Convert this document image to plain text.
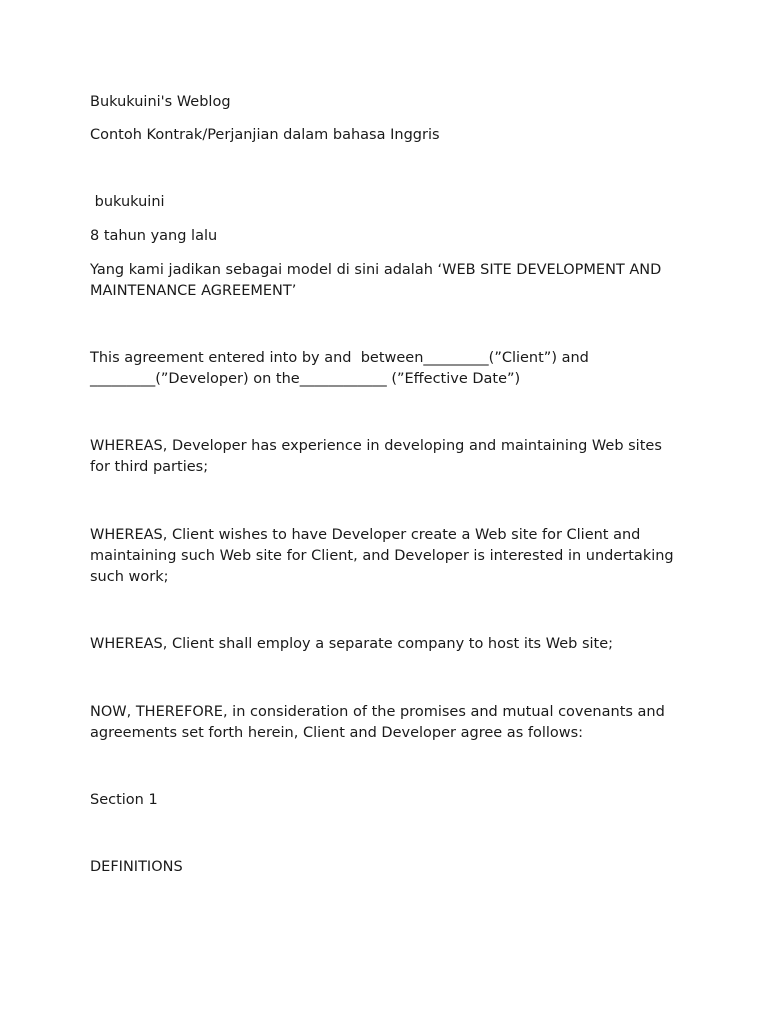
Bukukuini's Weblog

Contoh Kontrak/Perjanjian dalam bahasa Inggris

bukukuini

8 tahun yang lalu

Yang kami jadikan sebagai model di sini adalah ‘WEB SITE DEVELOPMENT AND MAINTENANCE AGREEMENT’

This agreement entered into by and  between_________(”Client”) and _________(”Developer) on the____________ (”Effective Date”)

WHEREAS, Developer has experience in developing and maintaining Web sites  for third parties;

WHEREAS, Client wishes to have Developer create a Web site for Client and maintaining such Web site for Client, and Developer is interested in undertaking such work;

WHEREAS, Client shall employ a separate company to host its Web site;

NOW, THEREFORE, in consideration of the promises and mutual covenants and agreements set forth herein, Client and Developer agree as follows:

Section 1

DEFINITIONS
